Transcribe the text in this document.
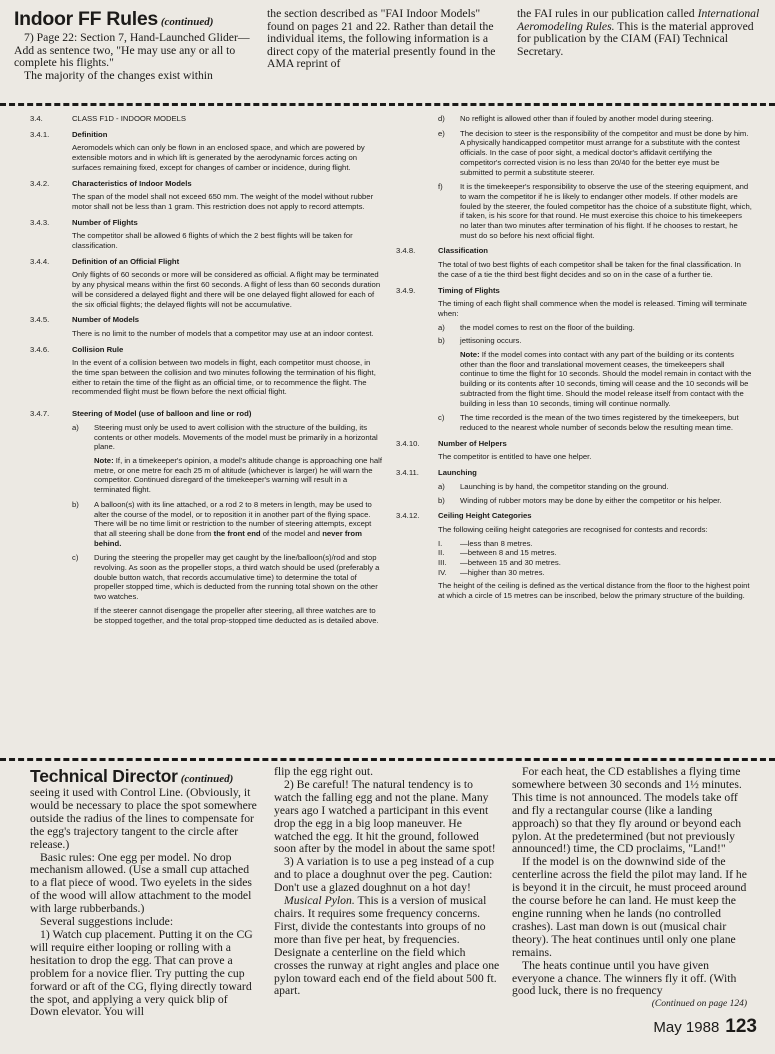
Indoor FF Rules (continued)

7) Page 22: Section 7, Hand-Launched Glider—Add as sentence two, "He may use any or all to complete his flights."

The majority of the changes exist within

the section described as "FAI Indoor Models" found on pages 21 and 22. Rather than detail the individual items, the following information is a direct copy of the material presently found in the AMA reprint of

the FAI rules in our publication called International Aeromodeling Rules. This is the material approved for publication by the CIAM (FAI) Technical Secretary.

3.4.	CLASS F1D - INDOOR MODELS
3.4.1.	Definition
Aeromodels which can only be flown in an enclosed space, and which are powered by extensible motors and in which lift is generated by the aerodynamic forces acting on surfaces remaining fixed, except for changes of camber or incidence, during flight.
3.4.2.	Characteristics of Indoor Models
The span of the model shall not exceed 650 mm. The weight of the model without rubber motor shall not be less than 1 gram. This restriction does not apply to record attempts.
3.4.3.	Number of Flights
The competitor shall be allowed 6 flights of which the 2 best flights will be taken for classification.
3.4.4.	Definition of an Official Flight
Only flights of 60 seconds or more will be considered as official. A flight may be terminated by any physical means within the first 60 seconds. A flight of less than 60 seconds duration will be considered a delayed flight and there will be one delayed flight allowed for each of the six official flights; the delayed flights will not be accumulative.
3.4.5.	Number of Models
There is no limit to the number of models that a competitor may use at an indoor contest.
3.4.6.	Collision Rule
In the event of a collision between two models in flight, each competitor must choose, in the time span between the collision and two minutes following the termination of his flight, either to retain the time of the flight as an official time, or to recommence the flight. The recommended flight must be flown before the next official flight.
3.4.7.	Steering of Model (use of balloon and line or rod)
a)	Steering must only be used to avert collision with the structure of the building, its contents or other models. Movements of the model must be primarily in a horizontal plane.
Note: If, in a timekeeper's opinion, a model's altitude change is approaching one half metre, or one metre for each 25 m of altitude (whichever is larger) he will warn the competitor. Continued disregard of the timekeeper's warning will result in a terminated flight.
b)	A balloon(s) with its line attached, or a rod 2 to 8 meters in length, may be used to alter the course of the model, or to reposition it in another part of the flying space. There will be no time limit or restriction to the number of steering attempts, except that all steering shall be done from the front end of the model and never from behind.
c)	During the steering the propeller may get caught by the line/balloon(s)/rod and stop revolving. As soon as the propeller stops, a third watch should be used (preferably a double button watch, that records accumulative time) to determine the total of propeller stopped time, which is deducted from the running total shown on the other two watches.
If the steerer cannot disengage the propeller after steering, all three watches are to be stopped together, and the total prop-stopped time deducted as is detailed above.
d)	No reflight is allowed other than if fouled by another model during steering.
e)	The decision to steer is the responsibility of the competitor and must be done by him. A physically handicapped competitor must arrange for a substitute with the contest officials. In the case of poor sight, a medical doctor's affidavit certifying the competitor's corrected vision is no less than 20/40 for the better eye must be submitted to permit a substitute steerer.
f)	It is the timekeeper's responsibility to observe the use of the steering equipment, and to warn the competitor if he is likely to endanger other models. If other models are fouled by the steerer, the fouled competitor has the choice of a substitute flight, which, if taken, is his score for that round. He must exercise this choice to his timekeepers no later than two minutes after termination of his flight. If he chooses to restart, he must do so before his next official flight.
3.4.8.	Classification
The total of two best flights of each competitor shall be taken for the final classification. In the case of a tie the third best flight decides and so on in the case of a further tie.
3.4.9.	Timing of Flights
The timing of each flight shall commence when the model is released. Timing will terminate when:
a)	the model comes to rest on the floor of the building.
b)	jettisoning occurs.
Note: If the model comes into contact with any part of the building or its contents other than the floor and translational movement ceases, the timekeepers shall continue to time the flight for 10 seconds. Should the model remain in contact with the building or its contents after 10 seconds, timing will cease and the 10 seconds will be subtracted from the flight time. Should the model release itself from contact with the building in less than 10 seconds, timing will continue normally.
c)	The time recorded is the mean of the two times registered by the timekeepers, but reduced to the nearest whole number of seconds below the resulting mean time.
3.4.10.	Number of Helpers
The competitor is entitled to have one helper.
3.4.11.	Launching
a)	Launching is by hand, the competitor standing on the ground.
b)	Winding of rubber motors may be done by either the competitor or his helper.
3.4.12.	Ceiling Height Categories
The following ceiling height categories are recognised for contests and records:
I.	—less than 8 metres.
II.	—between 8 and 15 metres.
III.	—between 15 and 30 metres.
IV.	—higher than 30 metres.
The height of the ceiling is defined as the vertical distance from the floor to the highest point at which a circle of 15 metres can be inscribed, below the primary structure of the building.
Technical Director (continued)

seeing it used with Control Line. (Obviously, it would be necessary to place the spot somewhere outside the radius of the lines to compensate for the egg's trajectory tangent to the circle after release.)

Basic rules: One egg per model. No drop mechanism allowed. (Use a small cup attached to a flat piece of wood. Two eyelets in the sides of the wood will allow attachment to the model with large rubberbands.)

Several suggestions include:

1) Watch cup placement. Putting it on the CG will require either looping or rolling with a hesitation to drop the egg. That can prove a problem for a novice flier. Try putting the cup forward or aft of the CG, flying directly toward the spot, and applying a very quick blip of Down elevator. You will

flip the egg right out.

2) Be careful! The natural tendency is to watch the falling egg and not the plane. Many years ago I watched a participant in this event drop the egg in a big loop maneuver. He watched the egg. It hit the ground, followed soon after by the model in about the same spot!

3) A variation is to use a peg instead of a cup and to place a doughnut over the peg. Caution: Don't use a glazed doughnut on a hot day!

Musical Pylon. This is a version of musical chairs. It requires some frequency concerns. First, divide the contestants into groups of no more than five per heat, by frequencies. Designate a centerline on the field which crosses the runway at right angles and place one pylon toward each end of the field about 500 ft. apart.

For each heat, the CD establishes a flying time somewhere between 30 seconds and 1½ minutes. This time is not announced. The models take off and fly a rectangular course (like a landing approach) so that they fly around or beyond each pylon. At the predetermined (but not previously announced!) time, the CD proclaims, "Land!"

If the model is on the downwind side of the centerline across the field the pilot may land. If he is beyond it in the circuit, he must proceed around the course before he can land. He must keep the engine running when he lands (no controlled crashes). Last man down is out (musical chair theory). The heat continues until only one plane remains.

The heats continue until you have given everyone a chance. The winners fly it off. (With good luck, there is no frequency

(Continued on page 124)

May 1988 123
